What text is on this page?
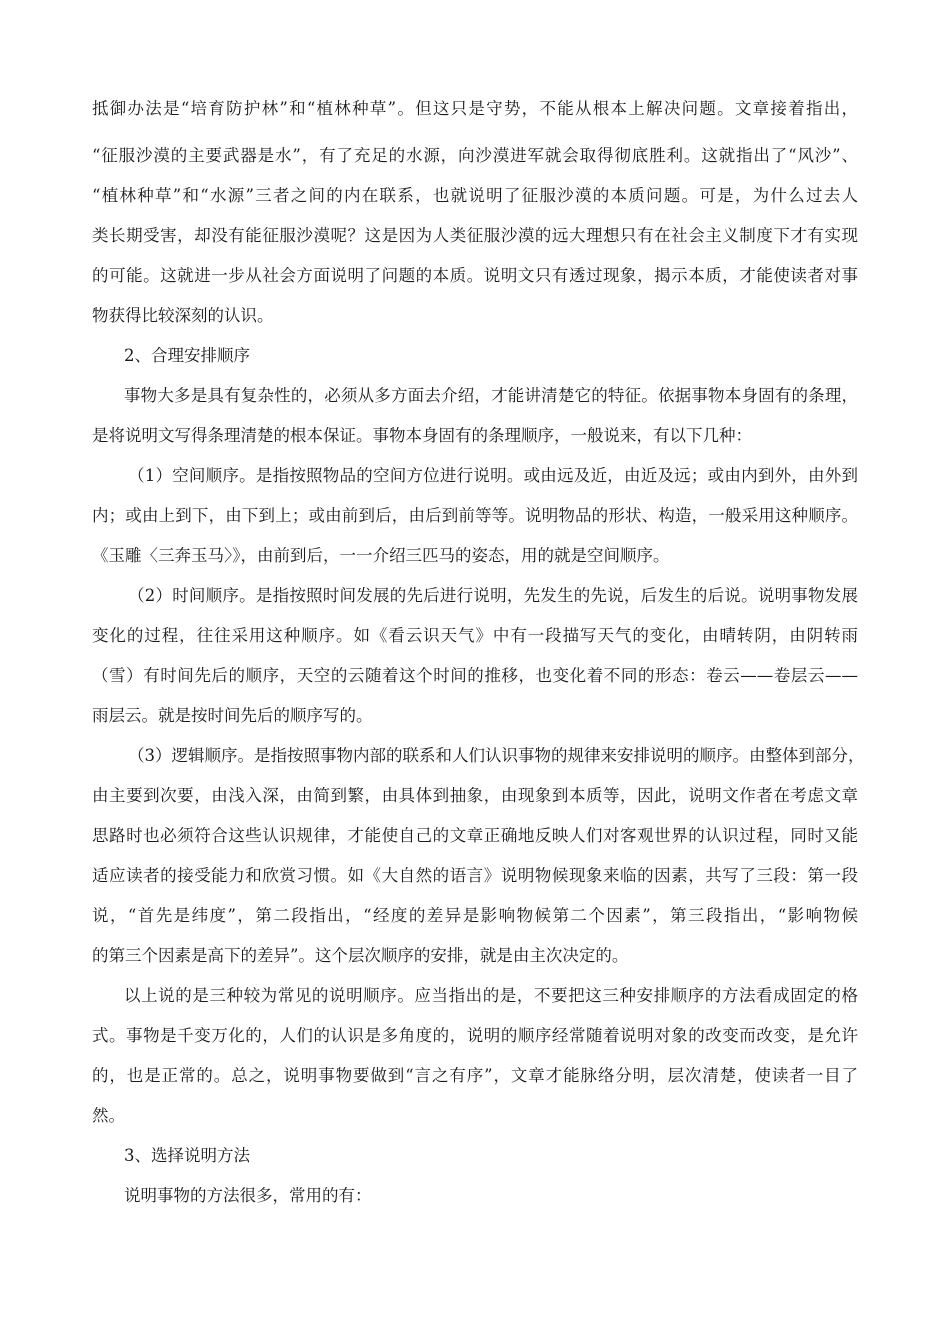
抵御办法是“培育防护林”和“植林种草”。但这只是守势，不能从根本上解决问题。文章接着指出，
“征服沙漠的主要武器是水”，有了充足的水源，向沙漠进军就会取得彻底胜利。这就指出了“风沙”、
“植林种草”和“水源”三者之间的内在联系，也就说明了征服沙漠的本质问题。可是，为什么过去人
类长期受害，却没有能征服沙漠呢？这是因为人类征服沙漠的远大理想只有在社会主义制度下才有实现
的可能。这就进一步从社会方面说明了问题的本质。说明文只有透过现象，揭示本质，才能使读者对事
物获得比较深刻的认识。
2、合理安排顺序
事物大多是具有复杂性的，必须从多方面去介绍，才能讲清楚它的特征。依据事物本身固有的条理，
是将说明文写得条理清楚的根本保证。事物本身固有的条理顺序，一般说来，有以下几种：
（1）空间顺序。是指按照物品的空间方位进行说明。或由远及近，由近及远；或由内到外，由外到
内；或由上到下，由下到上；或由前到后，由后到前等等。说明物品的形状、构造，一般采用这种顺序。
《玉雕〈三奔玉马〉》，由前到后，一一介绍三匹马的姿态，用的就是空间顺序。
（2）时间顺序。是指按照时间发展的先后进行说明，先发生的先说，后发生的后说。说明事物发展
变化的过程，往往采用这种顺序。如《看云识天气》中有一段描写天气的变化，由晴转阴，由阴转雨
（雪）有时间先后的顺序，天空的云随着这个时间的推移，也变化着不同的形态：卷云——卷层云——
雨层云。就是按时间先后的顺序写的。
（3）逻辑顺序。是指按照事物内部的联系和人们认识事物的规律来安排说明的顺序。由整体到部分，
由主要到次要，由浅入深，由简到繁，由具体到抽象，由现象到本质等，因此，说明文作者在考虑文章
思路时也必须符合这些认识规律，才能使自己的文章正确地反映人们对客观世界的认识过程，同时又能
适应读者的接受能力和欣赏习惯。如《大自然的语言》说明物候现象来临的因素，共写了三段：第一段
说，“首先是纬度”，第二段指出，“经度的差异是影响物候第二个因素”，第三段指出，“影响物候
的第三个因素是高下的差异”。这个层次顺序的安排，就是由主次决定的。
以上说的是三种较为常见的说明顺序。应当指出的是，不要把这三种安排顺序的方法看成固定的格
式。事物是千变万化的，人们的认识是多角度的，说明的顺序经常随着说明对象的改变而改变，是允许
的，也是正常的。总之，说明事物要做到“言之有序”，文章才能脉络分明，层次清楚，使读者一目了
然。
3、选择说明方法
说明事物的方法很多，常用的有：
